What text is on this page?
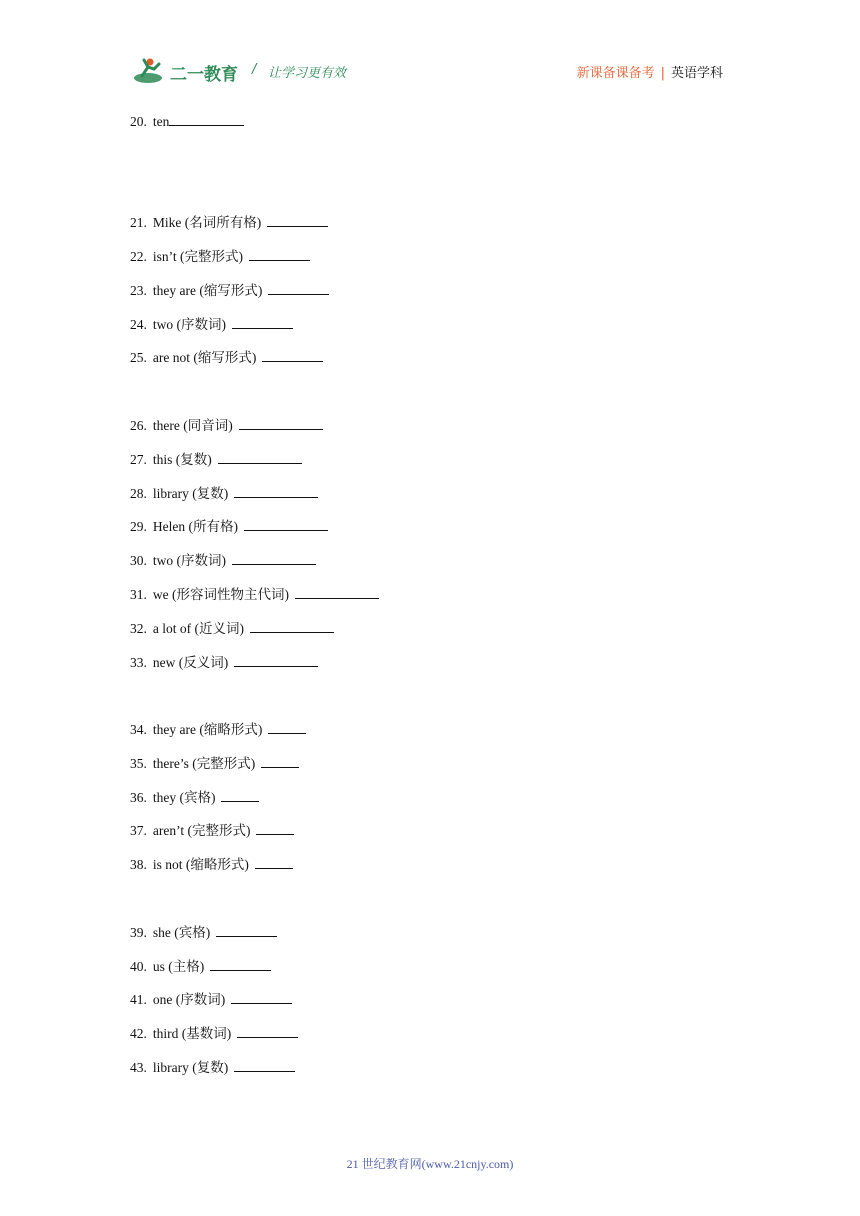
二一教育 / 让学习更有效	新课备课备考 | 英语学科
20. ten
21. Mike (名词所有格)
22. isn’t (完整形式)
23. they are (缩写形式)
24. two (序数词)
25. are not (缩写形式)
26. there (同音词)
27. this (复数)
28. library (复数)
29. Helen (所有格)
30. two (序数词)
31. we (形容词性物主代词)
32. a lot of (近义词)
33. new (反义词)
34. they are (缩略形式)
35. there’s (完整形式)
36. they (宾格)
37. aren’t (完整形式)
38. is not (缩略形式)
39. she (宾格)
40. us (主格)
41. one (序数词)
42. third (基数词)
43. library (复数)
21 世纪教育网(www.21cnjy.com)
